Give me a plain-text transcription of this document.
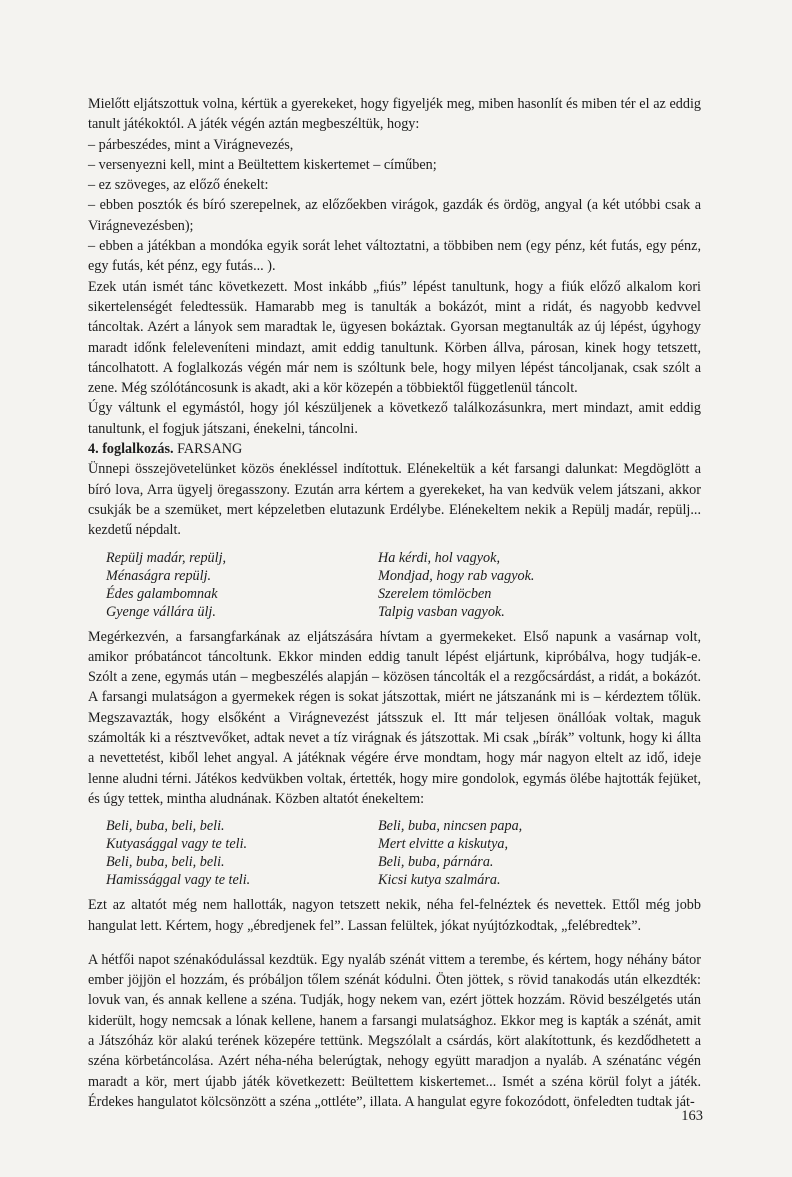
Mielőtt eljátszottuk volna, kértük a gyerekeket, hogy figyeljék meg, miben hasonlít és miben tér el az eddig tanult játékoktól. A játék végén aztán megbeszéltük, hogy:

– párbeszédes, mint a Virágnevezés,

– versenyezni kell, mint a Beültettem kiskertemet – címűben;

– ez szöveges, az előző énekelt:

– ebben posztók és bíró szerepelnek, az előzőekben virágok, gazdák és ördög, angyal (a két utóbbi csak a Virágnevezésben);

– ebben a játékban a mondóka egyik sorát lehet változtatni, a többiben nem (egy pénz, két futás, egy pénz, egy futás, két pénz, egy futás... ).

Ezek után ismét tánc következett. Most inkább „fiús” lépést tanultunk, hogy a fiúk előző alkalom kori sikertelenségét feledtessük. Hamarabb meg is tanulták a bokázót, mint a ridát, és nagyobb kedvvel táncoltak. Azért a lányok sem maradtak le, ügyesen bokáztak. Gyorsan megtanulták az új lépést, úgyhogy maradt időnk feleleveníteni mindazt, amit eddig tanultunk. Körben állva, párosan, kinek hogy tetszett, táncolhatott. A foglalkozás végén már nem is szóltunk bele, hogy milyen lépést táncoljanak, csak szólt a zene. Még szólótáncosunk is akadt, aki a kör közepén a többiektől függetlenül táncolt.

Úgy váltunk el egymástól, hogy jól készüljenek a következő találkozásunkra, mert mindazt, amit eddig tanultunk, el fogjuk játszani, énekelni, táncolni.

4. foglalkozás. FARSANG

Ünnepi összejövetelünket közös énekléssel indítottuk. Elénekeltük a két farsangi dalunkat: Megdöglött a bíró lova, Arra ügyelj öregasszony. Ezután arra kértem a gyerekeket, ha van kedvük velem játszani, akkor csukják be a szemüket, mert képzeletben elutazunk Erdélybe. Elénekeltem nekik a Repülj madár, repülj... kezdetű népdalt.

Repülj madár, repülj,	Ha kérdi, hol vagyok,
Ménaságra repülj.	Mondjad, hogy rab vagyok.
Édes galambomnak	Szerelem tömlöcben
Gyenge vállára ülj.	Talpig vasban vagyok.

Megérkezvén, a farsangfarkának az eljátszására hívtam a gyermekeket. Első napunk a vasárnap volt, amikor próbatáncot táncoltunk. Ekkor minden eddig tanult lépést eljártunk, kipróbálva, hogy tudják-e. Szólt a zene, egymás után – megbeszélés alapján – közösen táncolták el a rezgőcsárdást, a ridát, a bokázót. A farsangi mulatságon a gyermekek régen is sokat játszottak, miért ne játszanánk mi is – kérdeztem tőlük. Megszavazták, hogy elsőként a Virágnevezést játsszuk el. Itt már teljesen önállóak voltak, maguk számolták ki a résztvevőket, adtak nevet a tíz virágnak és játszottak. Mi csak „bírák” voltunk, hogy ki állta a nevettetést, kiből lehet angyal. A játéknak végére érve mondtam, hogy már nagyon eltelt az idő, ideje lenne aludni térni. Játékos kedvükben voltak, értették, hogy mire gondolok, egymás ölébe hajtották fejüket, és úgy tettek, mintha aludnának. Közben altatót énekeltem:

Beli, buba, beli, beli.	Beli, buba, nincsen papa,
Kutyasággal vagy te teli.	Mert elvitte a kiskutya,
Beli, buba, beli, beli.	Beli, buba, párnára.
Hamissággal vagy te teli.	Kicsi kutya szalmára.

Ezt az altatót még nem hallották, nagyon tetszett nekik, néha fel-felnéztek és nevettek. Ettől még jobb hangulat lett. Kértem, hogy „ébredjenek fel”. Lassan felültek, jókat nyújtózkodtak, „felébredtek”.

A hétfői napot szénakódulással kezdtük. Egy nyaláb szénát vittem a terembe, és kértem, hogy néhány bátor ember jöjjön el hozzám, és próbáljon tőlem szénát kódulni. Öten jöttek, s rövid tanakodás után elkezdték: lovuk van, és annak kellene a széna. Tudják, hogy nekem van, ezért jöttek hozzám. Rövid beszélgetés után kiderült, hogy nemcsak a lónak kellene, hanem a farsangi mulatsághoz. Ekkor meg is kapták a szénát, amit a Játszóház kör alakú terének közepére tettünk. Megszólalt a csárdás, kört alakítottunk, és kezdődhetett a széna körbetáncolása. Azért néha-néha belerúgtak, nehogy együtt maradjon a nyaláb. A szénatánc végén maradt a kör, mert újabb játék következett: Beültettem kiskertemet... Ismét a széna körül folyt a játék. Érdekes hangulatot kölcsönzött a széna „ottléte”, illata. A hangulat egyre fokozódott, önfeledten tudtak ját-

163
